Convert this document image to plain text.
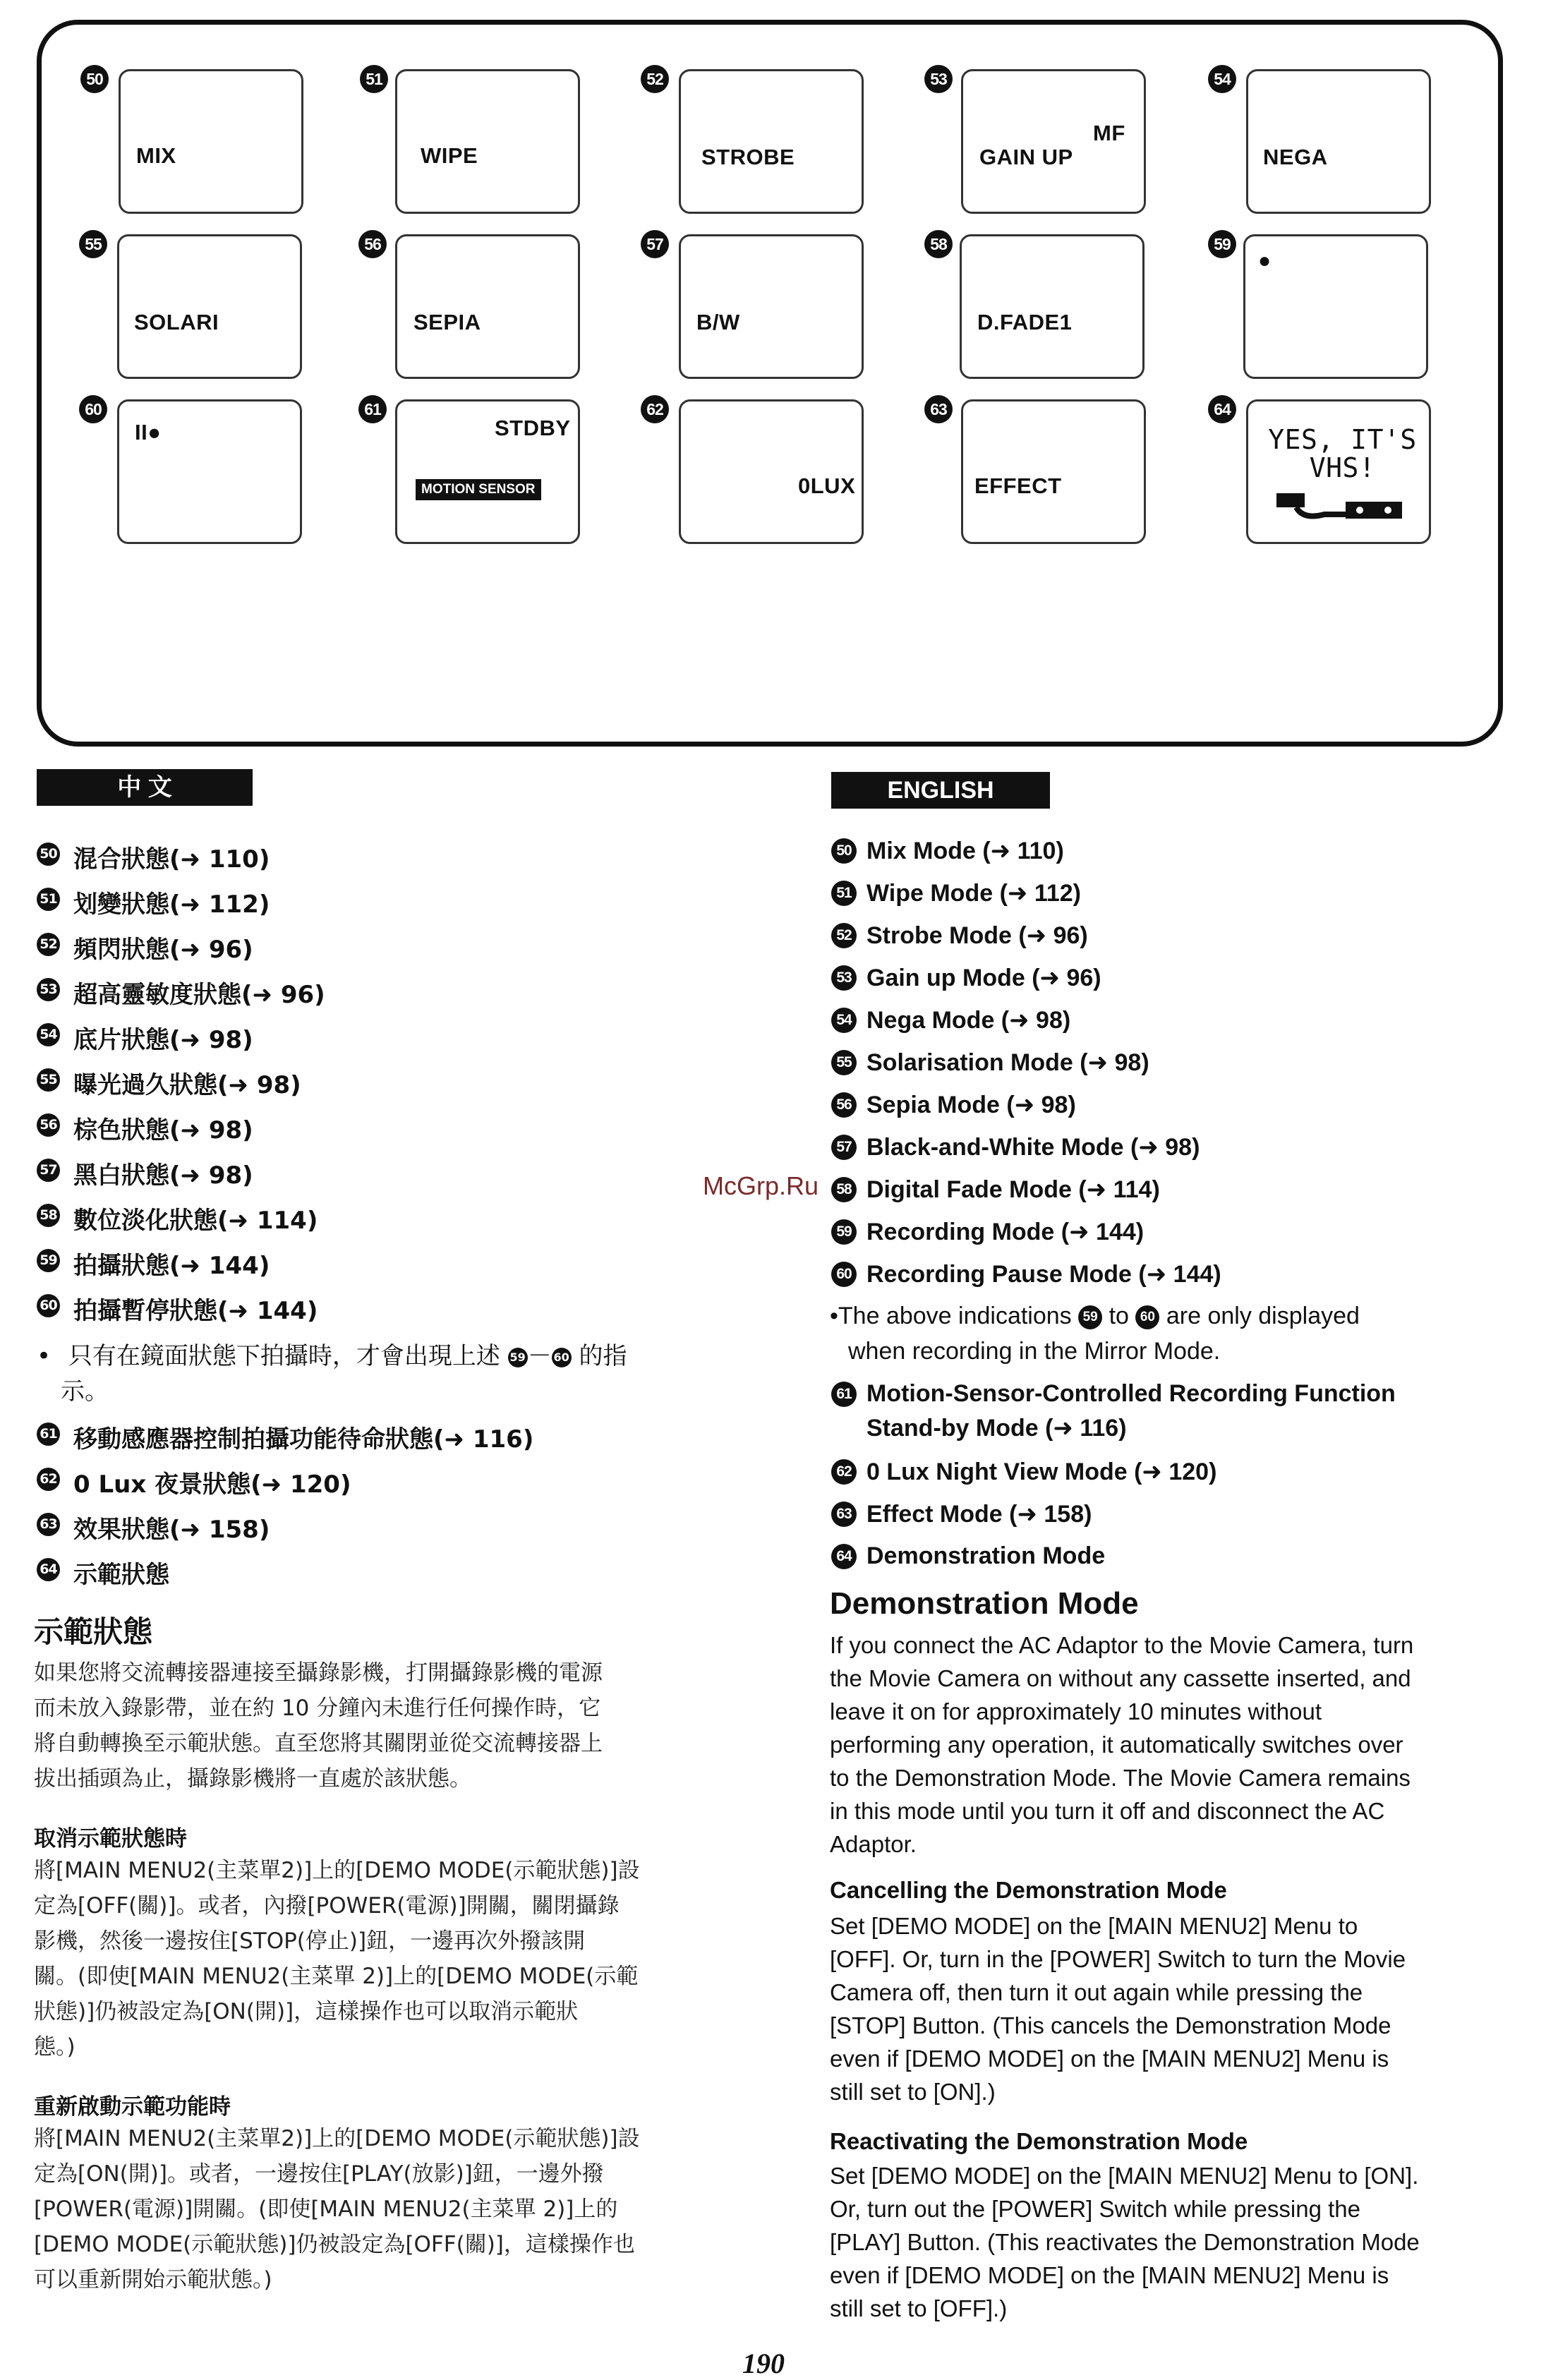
50
MIX
51
WIPE
52
STROBE
53
MF
GAIN UP
54
NEGA
55
SOLARI
56
SEPIA
57
B/W
58
D.FADE1
59
●
60
II●
61
STDBY
MOTION SENSOR
62
0LUX
63
EFFECT
64
YES, IT'S VHS!
中 文
50 混合狀態(➜ 110)
51 划變狀態(➜ 112)
52 頻閃狀態(➜ 96)
53 超高靈敏度狀態(➜ 96)
54 底片狀態(➜ 98)
55 曝光過久狀態(➜ 98)
56 棕色狀態(➜ 98)
57 黑白狀態(➜ 98)
58 數位淡化狀態(➜ 114)
59 拍攝狀態(➜ 144)
60 拍攝暫停狀態(➜ 144)
• 只有在鏡面狀態下拍攝時，才會出現上述 59－ 60 的指
示。
61 移動感應器控制拍攝功能待命狀態(➜ 116)
62 0 Lux 夜景狀態(➜ 120)
63 效果狀態(➜ 158)
64 示範狀態
示範狀態
如果您將交流轉接器連接至攝錄影機，打開攝錄影機的電源
而未放入錄影帶，並在約 10 分鐘內未進行任何操作時，它
將自動轉換至示範狀態。直至您將其關閉並從交流轉接器上
拔出插頭為止，攝錄影機將一直處於該狀態。
取消示範狀態時
將[MAIN MENU2(主菜單2)]上的[DEMO MODE(示範狀態)]設
定為[OFF(關)]。或者，內撥[POWER(電源)]開關，關閉攝錄
影機，然後一邊按住[STOP(停止)]鈕，一邊再次外撥該開
關。(即使[MAIN MENU2(主菜單 2)]上的[DEMO MODE(示範
狀態)]仍被設定為[ON(開)]，這樣操作也可以取消示範狀
態。)
重新啟動示範功能時
將[MAIN MENU2(主菜單2)]上的[DEMO MODE(示範狀態)]設
定為[ON(開)]。或者，一邊按住[PLAY(放影)]鈕，一邊外撥
[POWER(電源)]開關。(即使[MAIN MENU2(主菜單 2)]上的
[DEMO MODE(示範狀態)]仍被設定為[OFF(關)]，這樣操作也
可以重新開始示範狀態。)
ENGLISH
50 Mix Mode (➜ 110)
51 Wipe Mode (➜ 112)
52 Strobe Mode (➜ 96)
53 Gain up Mode (➜ 96)
54 Nega Mode (➜ 98)
55 Solarisation Mode (➜ 98)
56 Sepia Mode (➜ 98)
57 Black-and-White Mode (➜ 98)
58 Digital Fade Mode (➜ 114)
59 Recording Mode (➜ 144)
60 Recording Pause Mode (➜ 144)
•The above indications 59 to 60 are only displayed
when recording in the Mirror Mode.
61 Motion-Sensor-Controlled Recording Function
Stand-by Mode (➜ 116)
62 0 Lux Night View Mode (➜ 120)
63 Effect Mode (➜ 158)
64 Demonstration Mode
Demonstration Mode
If you connect the AC Adaptor to the Movie Camera, turn
the Movie Camera on without any cassette inserted, and
leave it on for approximately 10 minutes without
performing any operation, it automatically switches over
to the Demonstration Mode. The Movie Camera remains
in this mode until you turn it off and disconnect the AC
Adaptor.
Cancelling the Demonstration Mode
Set [DEMO MODE] on the [MAIN MENU2] Menu to
[OFF]. Or, turn in the [POWER] Switch to turn the Movie
Camera off, then turn it out again while pressing the
[STOP] Button. (This cancels the Demonstration Mode
even if [DEMO MODE] on the [MAIN MENU2] Menu is
still set to [ON].)
Reactivating the Demonstration Mode
Set [DEMO MODE] on the [MAIN MENU2] Menu to [ON].
Or, turn out the [POWER] Switch while pressing the
[PLAY] Button. (This reactivates the Demonstration Mode
even if [DEMO MODE] on the [MAIN MENU2] Menu is
still set to [OFF].)
McGrp.Ru
190
